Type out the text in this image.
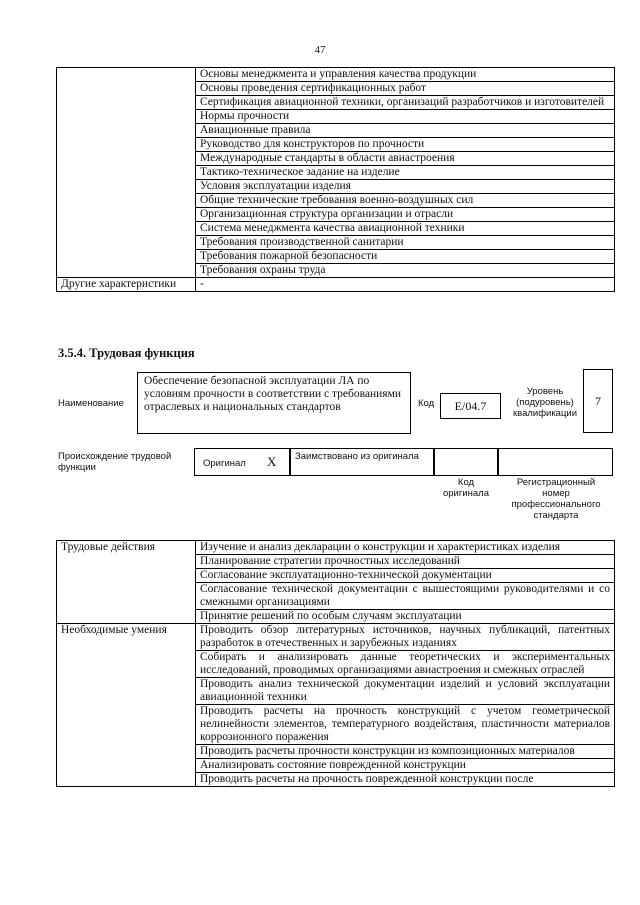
47
	Основы менеджмента и управления качества продукции
	Основы проведения сертификационных работ
	Сертификация авиационной техники, организаций разработчиков и изготовителей
	Нормы прочности
	Авиационные правила
	Руководство для конструкторов по прочности
	Международные стандарты в области авиастроения
	Тактико-техническое задание на изделие
	Условия эксплуатации изделия
	Общие технические требования военно-воздушных сил
	Организационная структура организации и отрасли
	Система менеджмента качества авиационной техники
	Требования производственной санитарии
	Требования пожарной безопасности
	Требования охраны труда
Другие характеристики	-
3.5.4. Трудовая функция
Наименование
Обеспечение безопасной эксплуатации ЛА по условиям прочности в соответствии с требованиями отраслевых и национальных стандартов	Код	Е/04.7
Уровень (подуровень) квалификации
7
Происхождение трудовой функции	Оригинал X	Заимствовано из оригинала
Код оригинала
Регистрационный номер профессионального стандарта
Трудовые действия	Изучение и анализ декларации о конструкции и характеристиках изделия
	Планирование стратегии прочностных исследований
	Согласование эксплуатационно-технической документации
	Согласование технической документации с вышестоящими руководителями и со смежными организациями
	Принятие решений по особым случаям эксплуатации
Необходимые умения	Проводить обзор литературных источников, научных публикаций, патентных разработок в отечественных и зарубежных изданиях
	Собирать и анализировать данные теоретических и экспериментальных исследований, проводимых организациями авиастроения и смежных отраслей
	Проводить анализ технической документации изделий и условий эксплуатации авиационной техники
	Проводить расчеты на прочность конструкций с учетом геометрической нелинейности элементов, температурного воздействия, пластичности материалов коррозионного поражения
	Проводить расчеты прочности конструкции из композиционных материалов
	Анализировать состояние поврежденной конструкции
	Проводить расчеты на прочность поврежденной конструкции после
